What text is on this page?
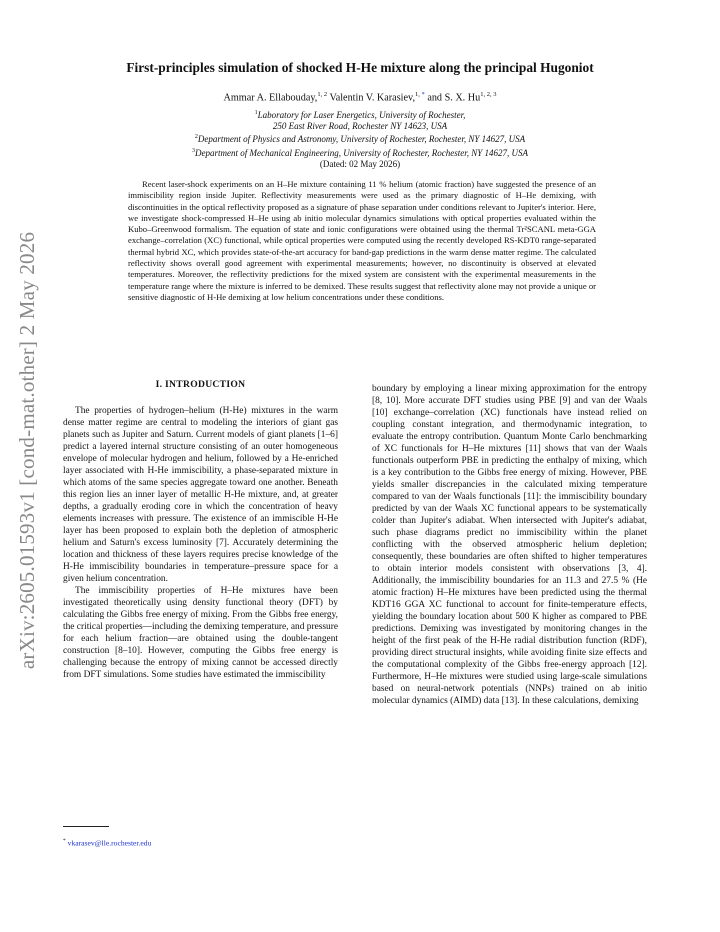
arXiv:2605.01593v1 [cond-mat.other] 2 May 2026
First-principles simulation of shocked H-He mixture along the principal Hugoniot
Ammar A. Ellabouday,$^{1, 2}$ Valentin V. Karasiev,$^{1, *}$ and S. X. Hu$^{1, 2, 3}$
$^1$Laboratory for Laser Energetics, University of Rochester,
250 East River Road, Rochester NY 14623, USA
$^2$Department of Physics and Astronomy, University of Rochester, Rochester, NY 14627, USA
$^3$Department of Mechanical Engineering, University of Rochester, Rochester, NY 14627, USA
(Dated: 02 May 2026)
Recent laser-shock experiments on an H–He mixture containing 11 % helium (atomic fraction) have suggested the presence of an immiscibility region inside Jupiter. Reflectivity measurements were used as the primary diagnostic of H–He demixing, with discontinuities in the optical reflectivity proposed as a signature of phase separation under conditions relevant to Jupiter's interior. Here, we investigate shock-compressed H–He using ab initio molecular dynamics simulations with optical properties evaluated within the Kubo–Greenwood formalism. The equation of state and ionic configurations were obtained using the thermal Tr²SCANL meta-GGA exchange–correlation (XC) functional, while optical properties were computed using the recently developed RS-KDT0 range-separated thermal hybrid XC, which provides state-of-the-art accuracy for band-gap predictions in the warm dense matter regime. The calculated reflectivity shows overall good agreement with experimental measurements; however, no discontinuity is observed at elevated temperatures. Moreover, the reflectivity predictions for the mixed system are consistent with the experimental measurements in the temperature range where the mixture is inferred to be demixed. These results suggest that reflectivity alone may not provide a unique or sensitive diagnostic of H-He demixing at low helium concentrations under these conditions.
I. INTRODUCTION

The properties of hydrogen–helium (H-He) mixtures in the warm dense matter regime are central to modeling the interiors of giant gas planets such as Jupiter and Saturn. Current models of giant planets [1–6] predict a layered internal structure consisting of an outer homogeneous envelope of molecular hydrogen and helium, followed by a He-enriched layer associated with H-He immiscibility, a phase-separated mixture in which atoms of the same species aggregate toward one another. Beneath this region lies an inner layer of metallic H-He mixture, and, at greater depths, a gradually eroding core in which the concentration of heavy elements increases with pressure. The existence of an immiscible H-He layer has been proposed to explain both the depletion of atmospheric helium and Saturn's excess luminosity [7]. Accurately determining the location and thickness of these layers requires precise knowledge of the H-He immiscibility boundaries in temperature–pressure space for a given helium concentration.

The immiscibility properties of H–He mixtures have been investigated theoretically using density functional theory (DFT) by calculating the Gibbs free energy of mixing. From the Gibbs free energy, the critical properties—including the demixing temperature, and pressure for each helium fraction—are obtained using the double-tangent construction [8–10]. However, computing the Gibbs free energy is challenging because the entropy of mixing cannot be accessed directly from DFT simulations. Some studies have estimated the immiscibility

boundary by employing a linear mixing approximation for the entropy [8, 10]. More accurate DFT studies using PBE [9] and van der Waals [10] exchange–correlation (XC) functionals have instead relied on coupling constant integration, and thermodynamic integration, to evaluate the entropy contribution. Quantum Monte Carlo benchmarking of XC functionals for H–He mixtures [11] shows that van der Waals functionals outperform PBE in predicting the enthalpy of mixing, which is a key contribution to the Gibbs free energy of mixing. However, PBE yields smaller discrepancies in the calculated mixing temperature compared to van der Waals functionals [11]: the immiscibility boundary predicted by van der Waals XC functional appears to be systematically colder than Jupiter's adiabat. When intersected with Jupiter's adiabat, such phase diagrams predict no immiscibility within the planet conflicting with the observed atmospheric helium depletion; consequently, these boundaries are often shifted to higher temperatures to obtain interior models consistent with observations [3, 4]. Additionally, the immiscibility boundaries for an 11.3 and 27.5 % (He atomic fraction) H–He mixtures have been predicted using the thermal KDT16 GGA XC functional to account for finite-temperature effects, yielding the boundary location about 500 K higher as compared to PBE predictions. Demixing was investigated by monitoring changes in the height of the first peak of the H-He radial distribution function (RDF), providing direct structural insights, while avoiding finite size effects and the computational complexity of the Gibbs free-energy approach [12]. Furthermore, H–He mixtures were studied using large-scale simulations based on neural-network potentials (NNPs) trained on ab initio molecular dynamics (AIMD) data [13]. In these calculations, demixing

* vkarasev@lle.rochester.edu
